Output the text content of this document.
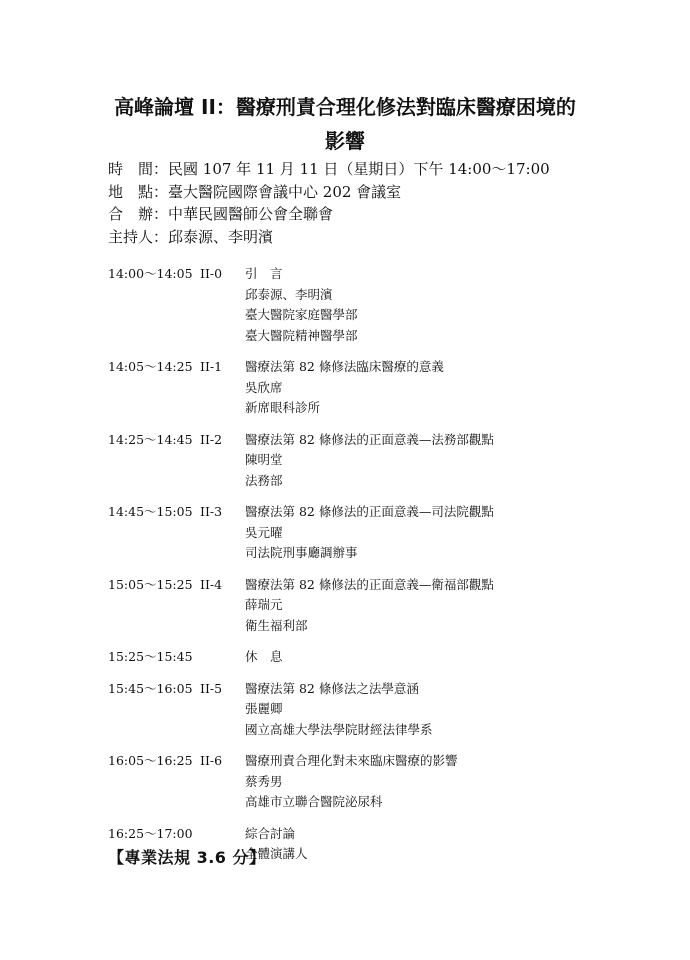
高峰論壇 II：醫療刑責合理化修法對臨床醫療困境的
影響
時　間： 民國 107 年 11 月 11 日（星期日）下午 14:00～17:00
地　點： 臺大醫院國際會議中心 202 會議室
合　辦： 中華民國醫師公會全聯會
主持人： 邱泰源、李明濱
14:00～14:05 II-0 引　言
邱泰源、李明濱
臺大醫院家庭醫學部
臺大醫院精神醫學部
14:05～14:25 II-1 醫療法第 82 條修法臨床醫療的意義
吳欣席
新席眼科診所
14:25～14:45 II-2 醫療法第 82 條修法的正面意義—法務部觀點
陳明堂
法務部
14:45～15:05 II-3 醫療法第 82 條修法的正面意義—司法院觀點
吳元曜
司法院刑事廳調辦事
15:05～15:25 II-4 醫療法第 82 條修法的正面意義—衛福部觀點
薛瑞元
衛生福利部
15:25～15:45	休　息
15:45～16:05 II-5 醫療法第 82 條修法之法學意涵
張麗卿
國立高雄大學法學院財經法律學系
16:05～16:25 II-6 醫療刑責合理化對未來臨床醫療的影響
蔡秀男
高雄市立聯合醫院泌尿科
16:25～17:00	綜合討論
全體演講人
【專業法規 3.6 分】
